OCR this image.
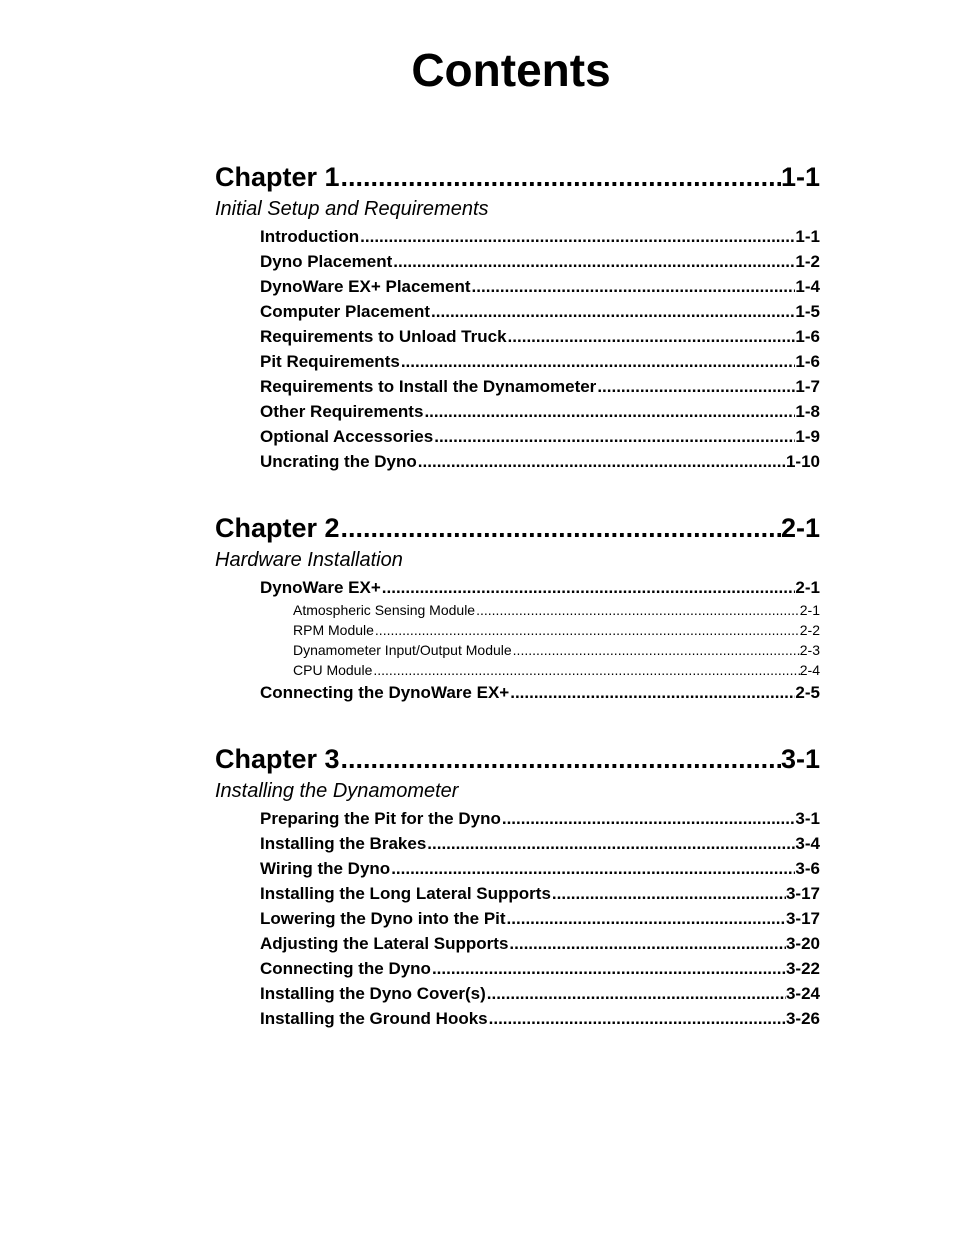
Contents
Chapter 1 .....	1-1
Initial Setup and Requirements
Introduction .....	1-1
Dyno Placement .....	1-2
DynoWare EX+ Placement .....	1-4
Computer Placement .....	1-5
Requirements to Unload Truck .....	1-6
Pit Requirements .....	1-6
Requirements to Install the Dynamometer .....	1-7
Other Requirements .....	1-8
Optional Accessories .....	1-9
Uncrating the Dyno .....	1-10
Chapter 2 .....	2-1
Hardware Installation
DynoWare EX+ .....	2-1
Atmospheric Sensing Module .....	2-1
RPM Module .....	2-2
Dynamometer Input/Output Module .....	2-3
CPU Module .....	2-4
Connecting the DynoWare EX+ .....	2-5
Chapter 3 .....	3-1
Installing the Dynamometer
Preparing the Pit for the Dyno .....	3-1
Installing the Brakes .....	3-4
Wiring the Dyno .....	3-6
Installing the Long Lateral Supports .....	3-17
Lowering the Dyno into the Pit .....	3-17
Adjusting the Lateral Supports .....	3-20
Connecting the Dyno .....	3-22
Installing the Dyno Cover(s) .....	3-24
Installing the Ground Hooks .....	3-26
